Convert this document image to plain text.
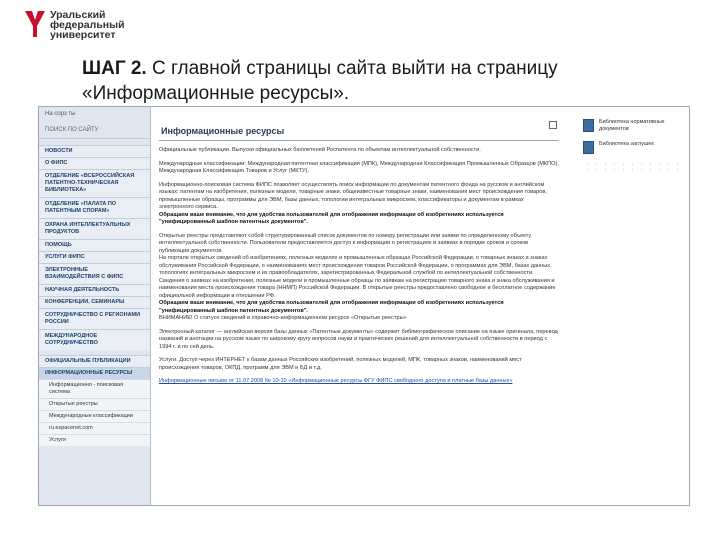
Уральский
федеральный
университет
ШАГ 2. С главной страницы сайта выйти на страницу «Информационные ресурсы».
Hа сорз ты
ПОИСК ПО САЙТУ
НОВОСТИ
О ФИПС
ОТДЕЛЕНИЕ «ВСЕРОССИЙСКАЯ ПАТЕНТНО-ТЕХНИЧЕСКАЯ БИБЛИОТЕКА»
ОТДЕЛЕНИЕ «ПАЛАТА ПО ПАТЕНТНЫМ СПОРАМ»
ОХРАНА ИНТЕЛЛЕКТУАЛЬНЫХ ПРОДУКТОВ
ПОМОЩЬ
УСЛУГИ ФИПС
ЭЛЕКТРОННЫЕ ВЗАИМОДЕЙСТВИЯ С ФИПС
НАУЧНАЯ ДЕЯТЕЛЬНОСТЬ
КОНФЕРЕНЦИИ, СЕМИНАРЫ
СОТРУДНИЧЕСТВО С РЕГИОНАМИ РОССИИ
МЕЖДУНАРОДНОЕ СОТРУДНИЧЕСТВО
ОФИЦИАЛЬНЫЕ ПУБЛИКАЦИИ
ИНФОРМАЦИОННЫЕ РЕСУРСЫ
Информационно - поисковая система
Открытые реестры
Международные классификации
ru.espacenet.com
Услуги
Информационные ресурсы
Официальные публикации. Выпуски официальных бюллетеней Роспатента по объектам интеллектуальной собственности.
Международные классификации: Международная патентная классификация (МПК), Международная Классификация Промышленных Образцов (МКПО), Международная Классификация Товаров и Услуг (МКТУ).
Информационно-поисковая система ФИПС позволяет осуществлять поиск информации по документам патентного фонда на русском и английском языках: патентам на изобретения, полезные модели, товарные знаки, общеизвестные товарные знаки, наименования мест происхождения товаров, промышленные образцы, программы для ЭВМ, базы данных, топологии интегральных микросхем, классификаторы и документам в рамках электронного сервиса.
Обращаем ваше внимание, что для удобства пользователей для отображения информации об изобретениях используется "унифицированный шаблон патентных документов".
Открытые реестры представляют собой структурированный список документов по номеру регистрации или заявки по определенному объекту интеллектуальной собственности. Пользователи предоставляется доступ к информации о регистрациях и заявках в порядке сроков и сроков публикации документов.
На портале открытых сведений об изобретениях, полезных моделях и промышленных образцах Российской Федерации, о товарных знаках и знаках обслуживания Российской Федерации, о наименованиях мест происхождения товаров Российской Федерации, о программах для ЭВМ, базах данных, топологиях интегральных микросхем и их правообладателях, зарегистрированных Федеральной службой по интеллектуальной собственности. Сведения о заявках на изобретения, полезные модели и промышленные образцы по заявкам на регистрацию товарного знака и знака обслуживания и наименования места происхождения товара (ННМП) Российской Федерации. В открытые реестры предоставлено свободное и бесплатное содержание официальной информации в отношении РФ.
Обращаем ваше внимание, что для удобства пользователей для отображения информации об изобретениях используется "унифицированный шаблон патентных документов".
ВНИМАНИЕ! О статусе сведений в справочно-информационном ресурсе «Открытые реестры»
Электронный каталог — английская версия базы данных «Патентные документы» содержит библиографическое описание на языке оригинала, перевод названий и анотации на русском языке по широкому кругу вопросов науки и практических решений для интеллектуальной собственности в период с 1994 г. и по сей день.
Услуги. Доступ через ИНТЕРНЕТ к базам данных Российских изобретений, полезных моделей, МПК, товарных знаков, наименований мест происхождения товаров, ОКПД, программ для ЭВМ и БД и т.д.
Информационные письма от 11.07.2008 № 10-10 «Информационные ресурсы ФГУ ФИПС свободного доступа и платные базы данных»
Библиотека нормативных документов
Библиотека заглушек
